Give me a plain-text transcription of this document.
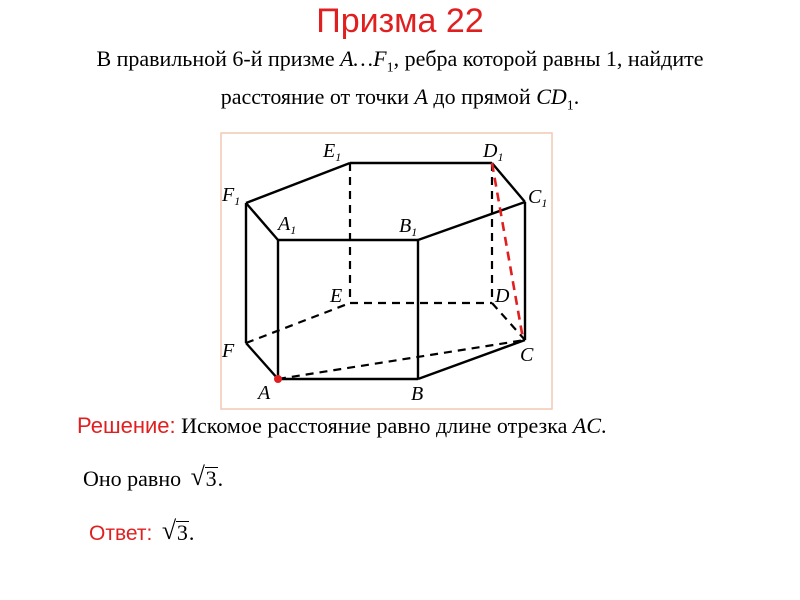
Призма 22
В правильной 6-й призме $A\dots F_1$, ребра которой равны 1, найдите
расстояние от точки A до прямой $CD_1$.
$E_1$	$D_1$
$F_1$	$C_1$
$A_1$	$B_1$
E	D
F	C
A	B
Решение: Искомое расстояние равно длине отрезка AC.
Оно равно √ 3.
Ответ: √ 3.
